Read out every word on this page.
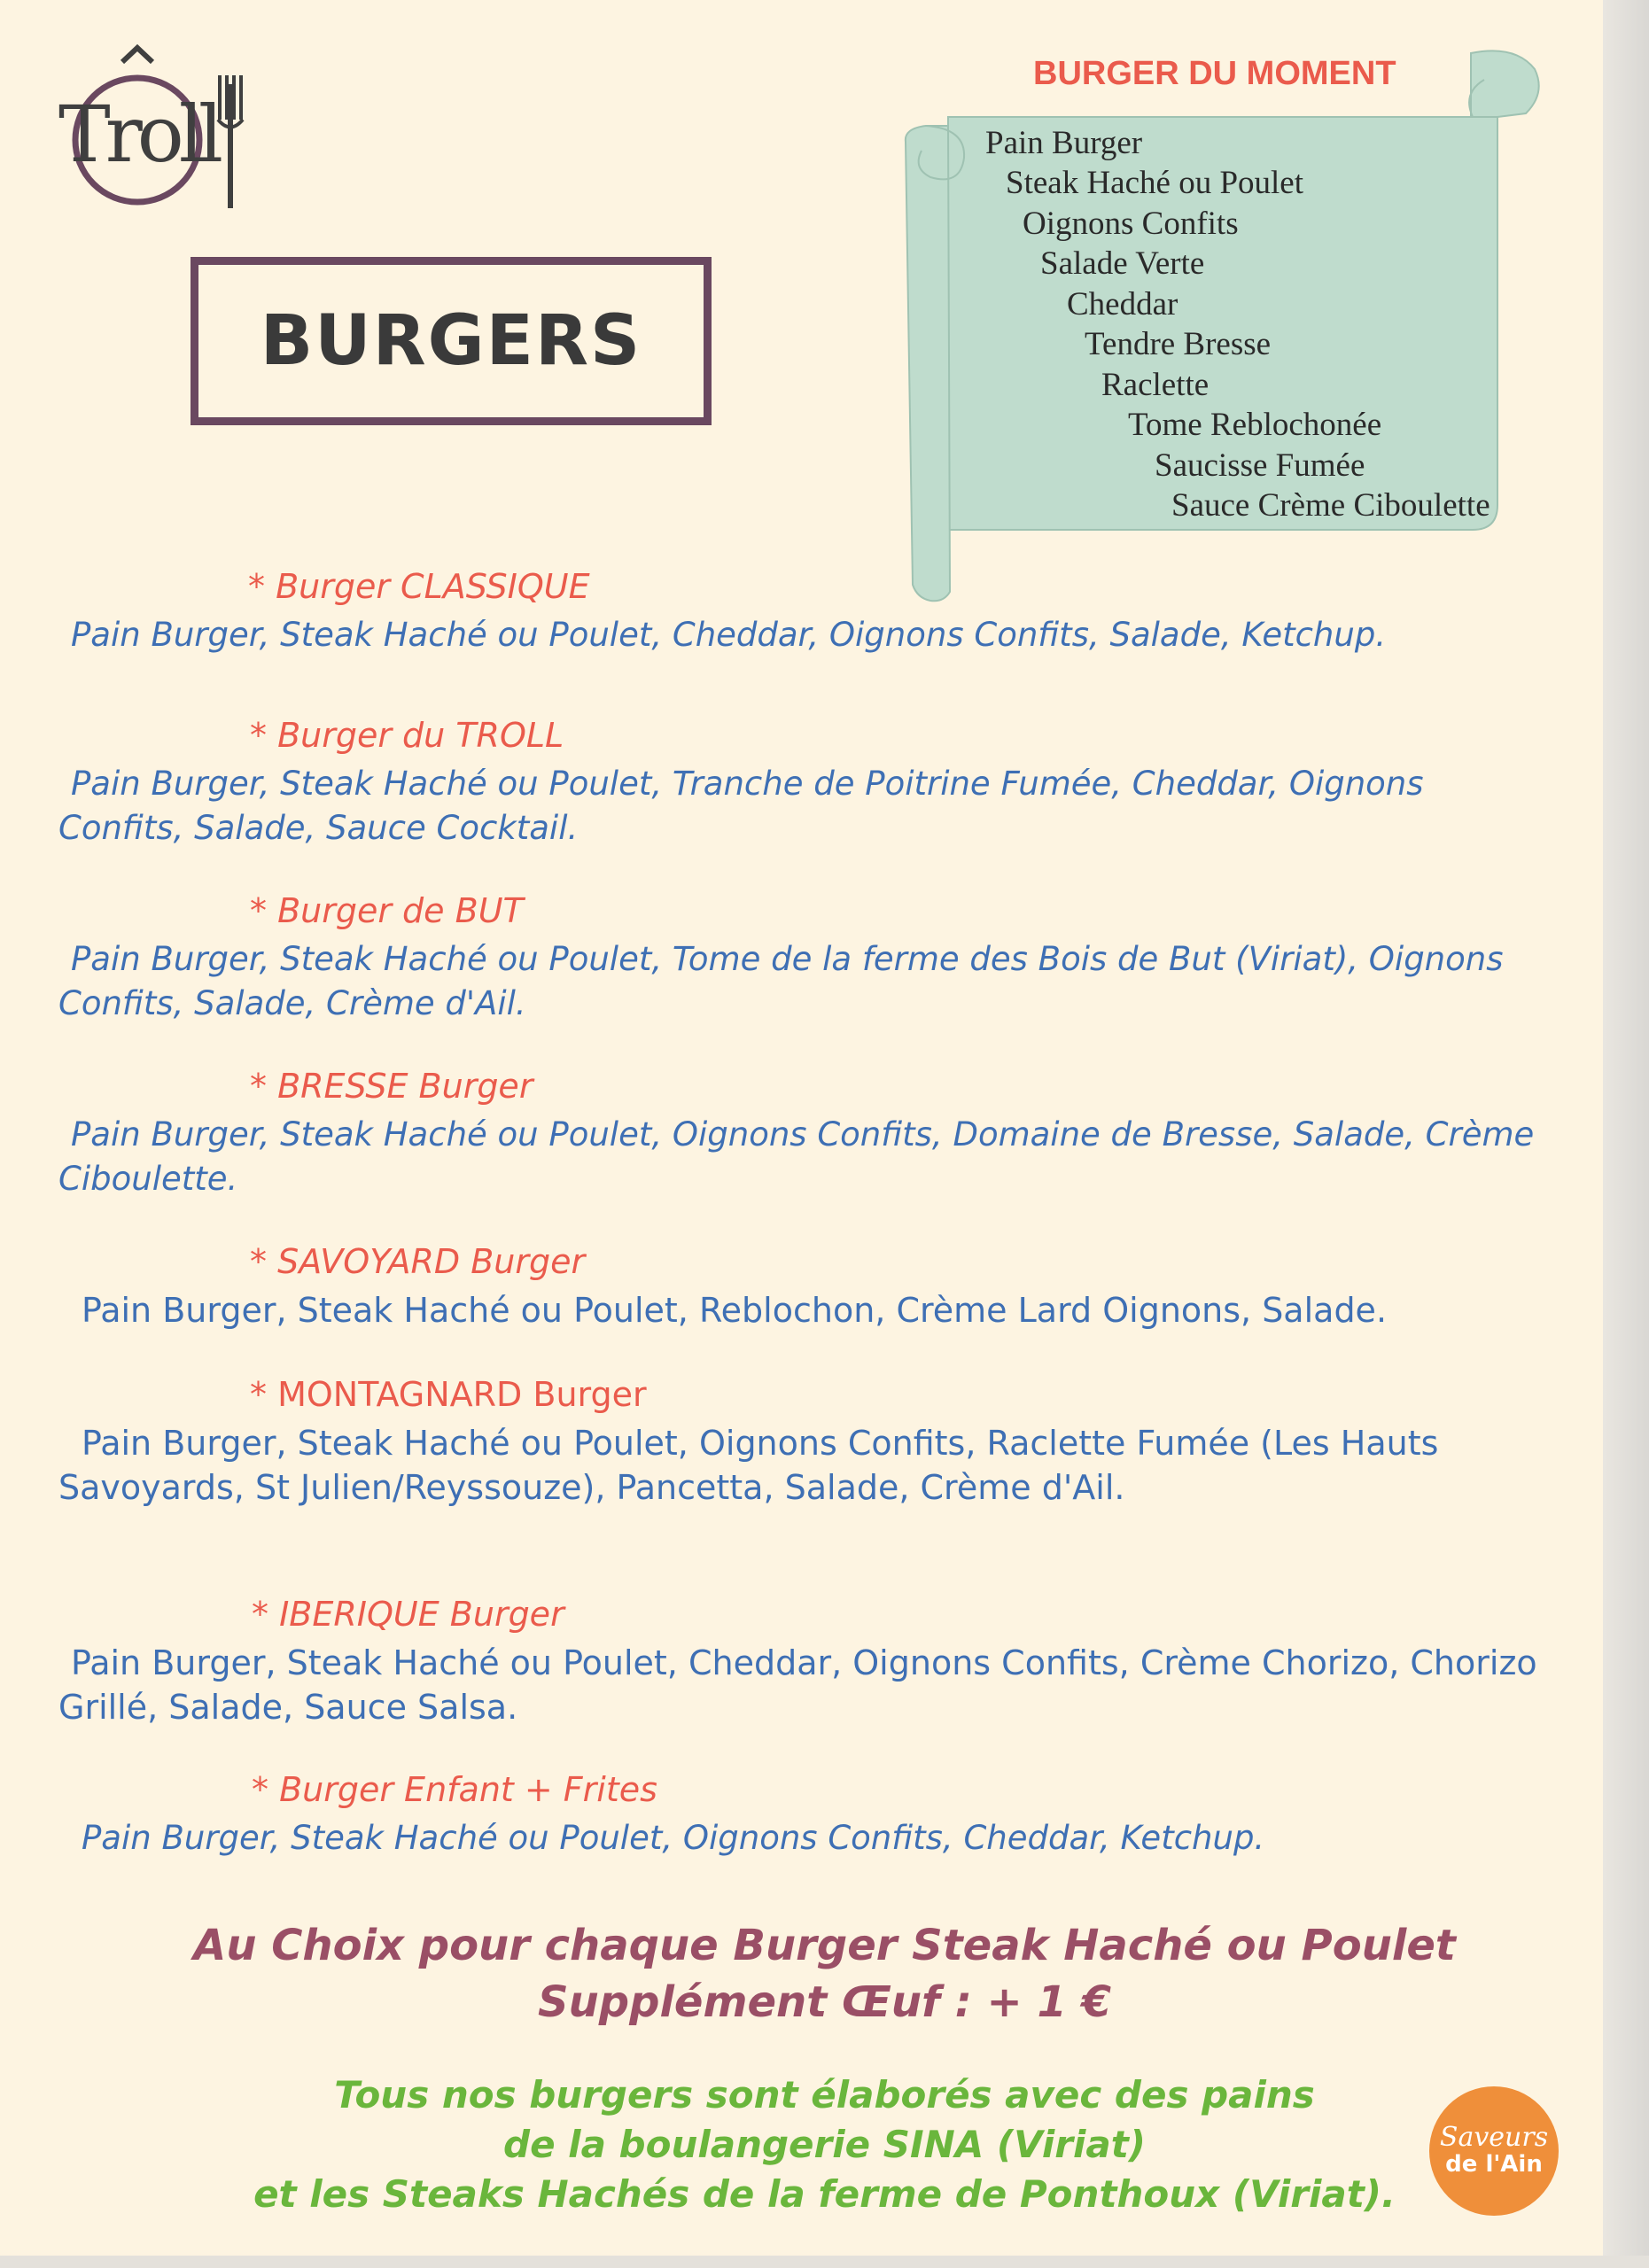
Troll
BURGERS
BURGER DU MOMENT
Pain Burger
Steak Haché ou Poulet
Oignons Confits
Salade Verte
Cheddar
Tendre Bresse
Raclette
Tome Reblochonée
Saucisse Fumée
Sauce Crème Ciboulette
* Burger CLASSIQUE
Pain Burger, Steak Haché ou Poulet, Cheddar, Oignons Confits, Salade, Ketchup.
* Burger du TROLL
Pain Burger, Steak Haché ou Poulet, Tranche de Poitrine Fumée, Cheddar, Oignons
Confits, Salade, Sauce Cocktail.
* Burger de BUT
Pain Burger, Steak Haché ou Poulet, Tome de la ferme des Bois de But (Viriat), Oignons
Confits, Salade, Crème d'Ail.
* BRESSE Burger
Pain Burger, Steak Haché ou Poulet, Oignons Confits, Domaine de Bresse, Salade, Crème
Ciboulette.
* SAVOYARD Burger
Pain Burger, Steak Haché ou Poulet, Reblochon, Crème Lard Oignons, Salade.
* MONTAGNARD Burger
Pain Burger, Steak Haché ou Poulet, Oignons Confits, Raclette Fumée (Les Hauts
Savoyards, St Julien/Reyssouze), Pancetta, Salade, Crème d'Ail.
* IBERIQUE Burger
Pain Burger, Steak Haché ou Poulet, Cheddar, Oignons Confits, Crème Chorizo, Chorizo
Grillé, Salade, Sauce Salsa.
* Burger Enfant + Frites
Pain Burger, Steak Haché ou Poulet, Oignons Confits, Cheddar, Ketchup.
Au Choix pour chaque Burger Steak Haché ou Poulet
Supplément Œuf : + 1 €
Tous nos burgers sont élaborés avec des pains
de la boulangerie SINA (Viriat)
et les Steaks Hachés de la ferme de Ponthoux (Viriat).
Saveurs
de l'Ain
